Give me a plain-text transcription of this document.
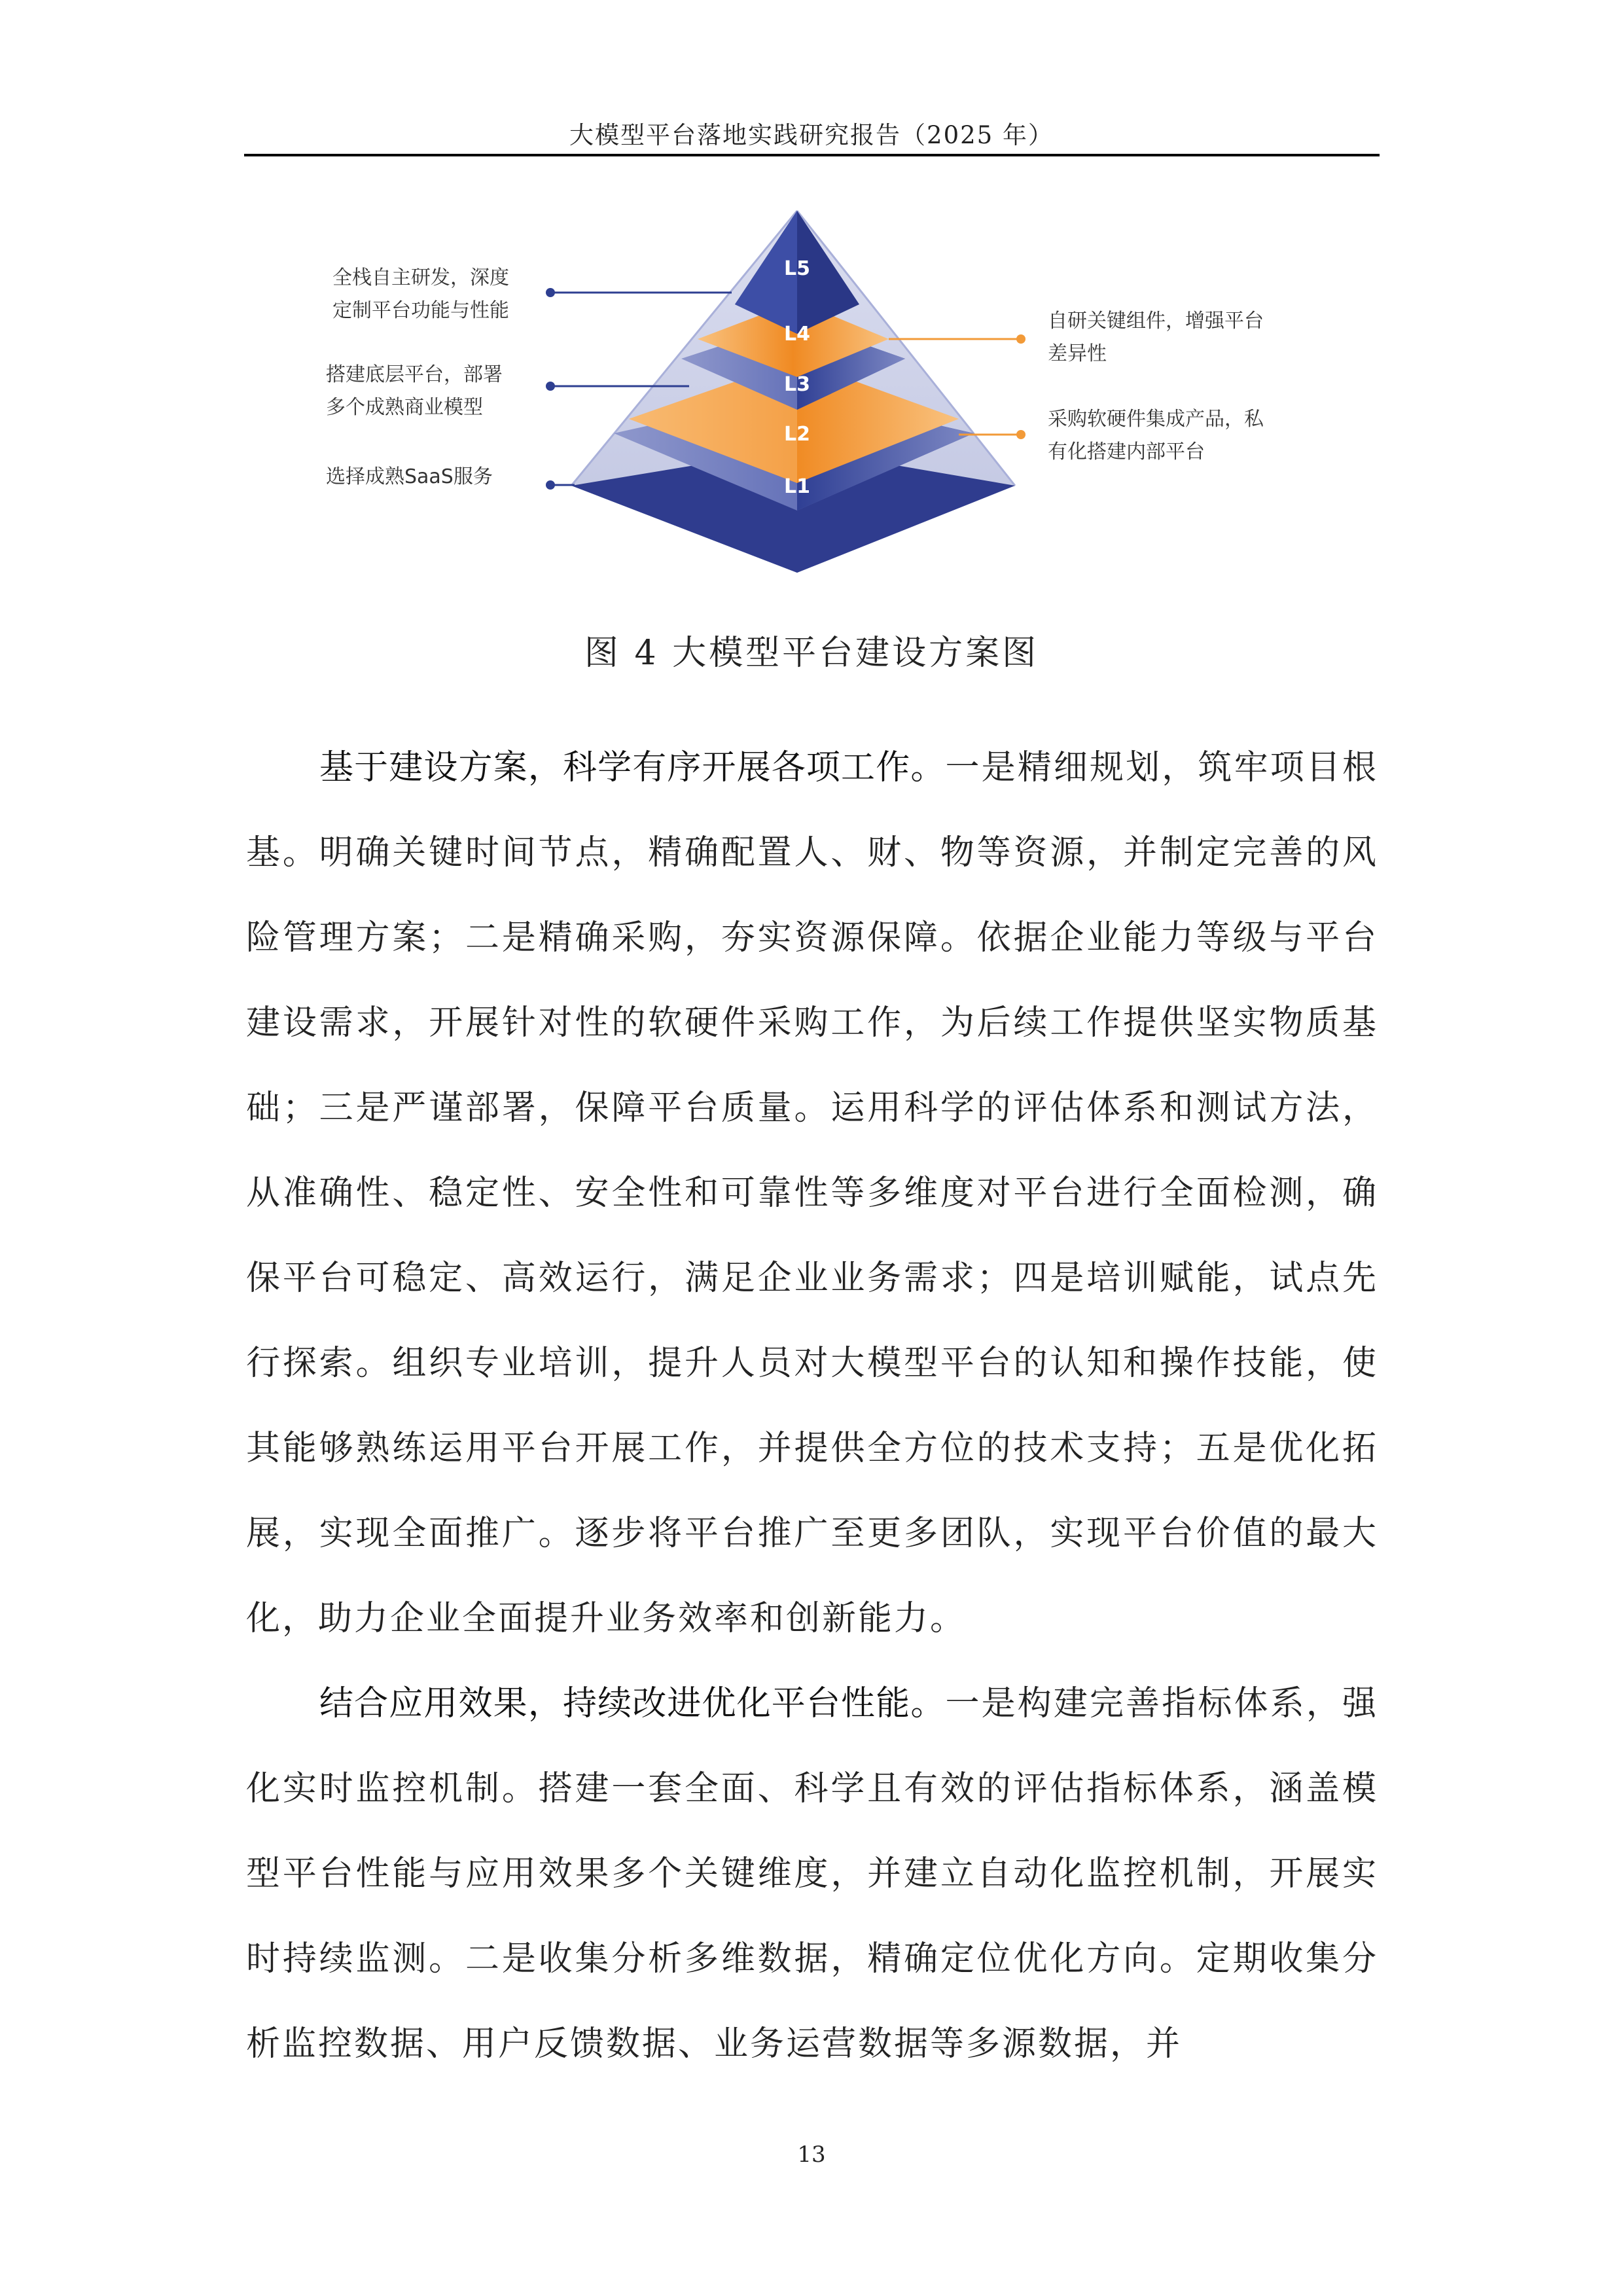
大模型平台落地实践研究报告（2025 年）
L5
L4
L3
L2
L1
全栈自主研发，深度
定制平台功能与性能
搭建底层平台，部署
多个成熟商业模型
选择成熟SaaS服务
自研关键组件，增强平台
差异性
采购软硬件集成产品，私
有化搭建内部平台
图 4 大模型平台建设方案图

基于建设方案，科学有序开展各项工作。一是精细规划，筑牢项目根基。明确关键时间节点，精确配置人、财、物等资源，并制定完善的风险管理方案；二是精确采购，夯实资源保障。依据企业能力等级与平台建设需求，开展针对性的软硬件采购工作，为后续工作提供坚实物质基础；三是严谨部署，保障平台质量。运用科学的评估体系和测试方法，从准确性、稳定性、安全性和可靠性等多维度对平台进行全面检测，确保平台可稳定、高效运行，满足企业业务需求；四是培训赋能，试点先行探索。组织专业培训，提升人员对大模型平台的认知和操作技能，使其能够熟练运用平台开展工作，并提供全方位的技术支持；五是优化拓展，实现全面推广。逐步将平台推广至更多团队，实现平台价值的最大化，助力企业全面提升业务效率和创新能力。

结合应用效果，持续改进优化平台性能。一是构建完善指标体系，强化实时监控机制。搭建一套全面、科学且有效的评估指标体系，涵盖模型平台性能与应用效果多个关键维度，并建立自动化监控机制，开展实时持续监测。二是收集分析多维数据，精确定位优化方向。定期收集分析监控数据、用户反馈数据、业务运营数据等多源数据，并

13
